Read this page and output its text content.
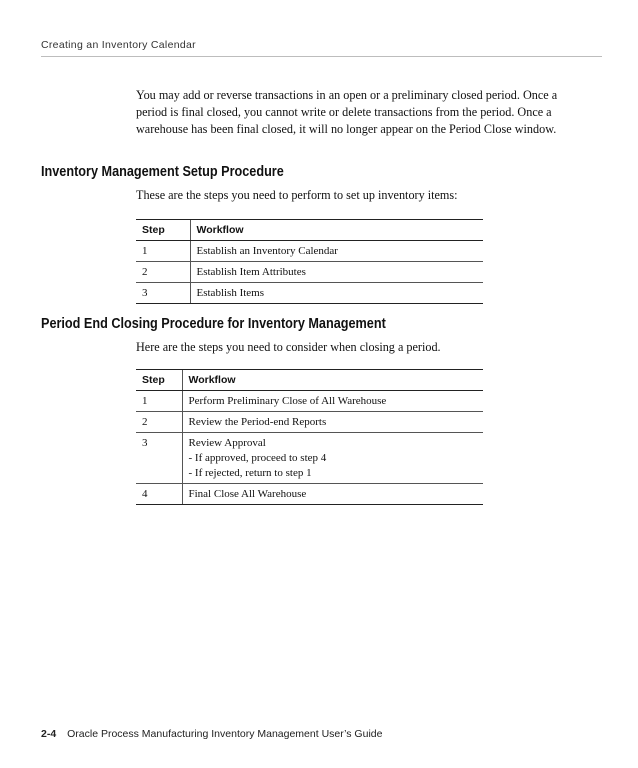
Creating an Inventory Calendar

You may add or reverse transactions in an open or a preliminary closed period. Once a period is final closed, you cannot write or delete transactions from the period. Once a warehouse has been final closed, it will no longer appear on the Period Close window.

Inventory Management Setup Procedure

These are the steps you need to perform to set up inventory items:

Step	Workflow
1	Establish an Inventory Calendar
2	Establish Item Attributes
3	Establish Items
Period End Closing Procedure for Inventory Management

Here are the steps you need to consider when closing a period.

Step	Workflow
1	Perform Preliminary Close of All Warehouse
2	Review the Period-end Reports
3	Review Approval
- If approved, proceed to step 4
- If rejected, return to step 1

4	Final Close All Warehouse
2-4 Oracle Process Manufacturing Inventory Management User’s Guide
